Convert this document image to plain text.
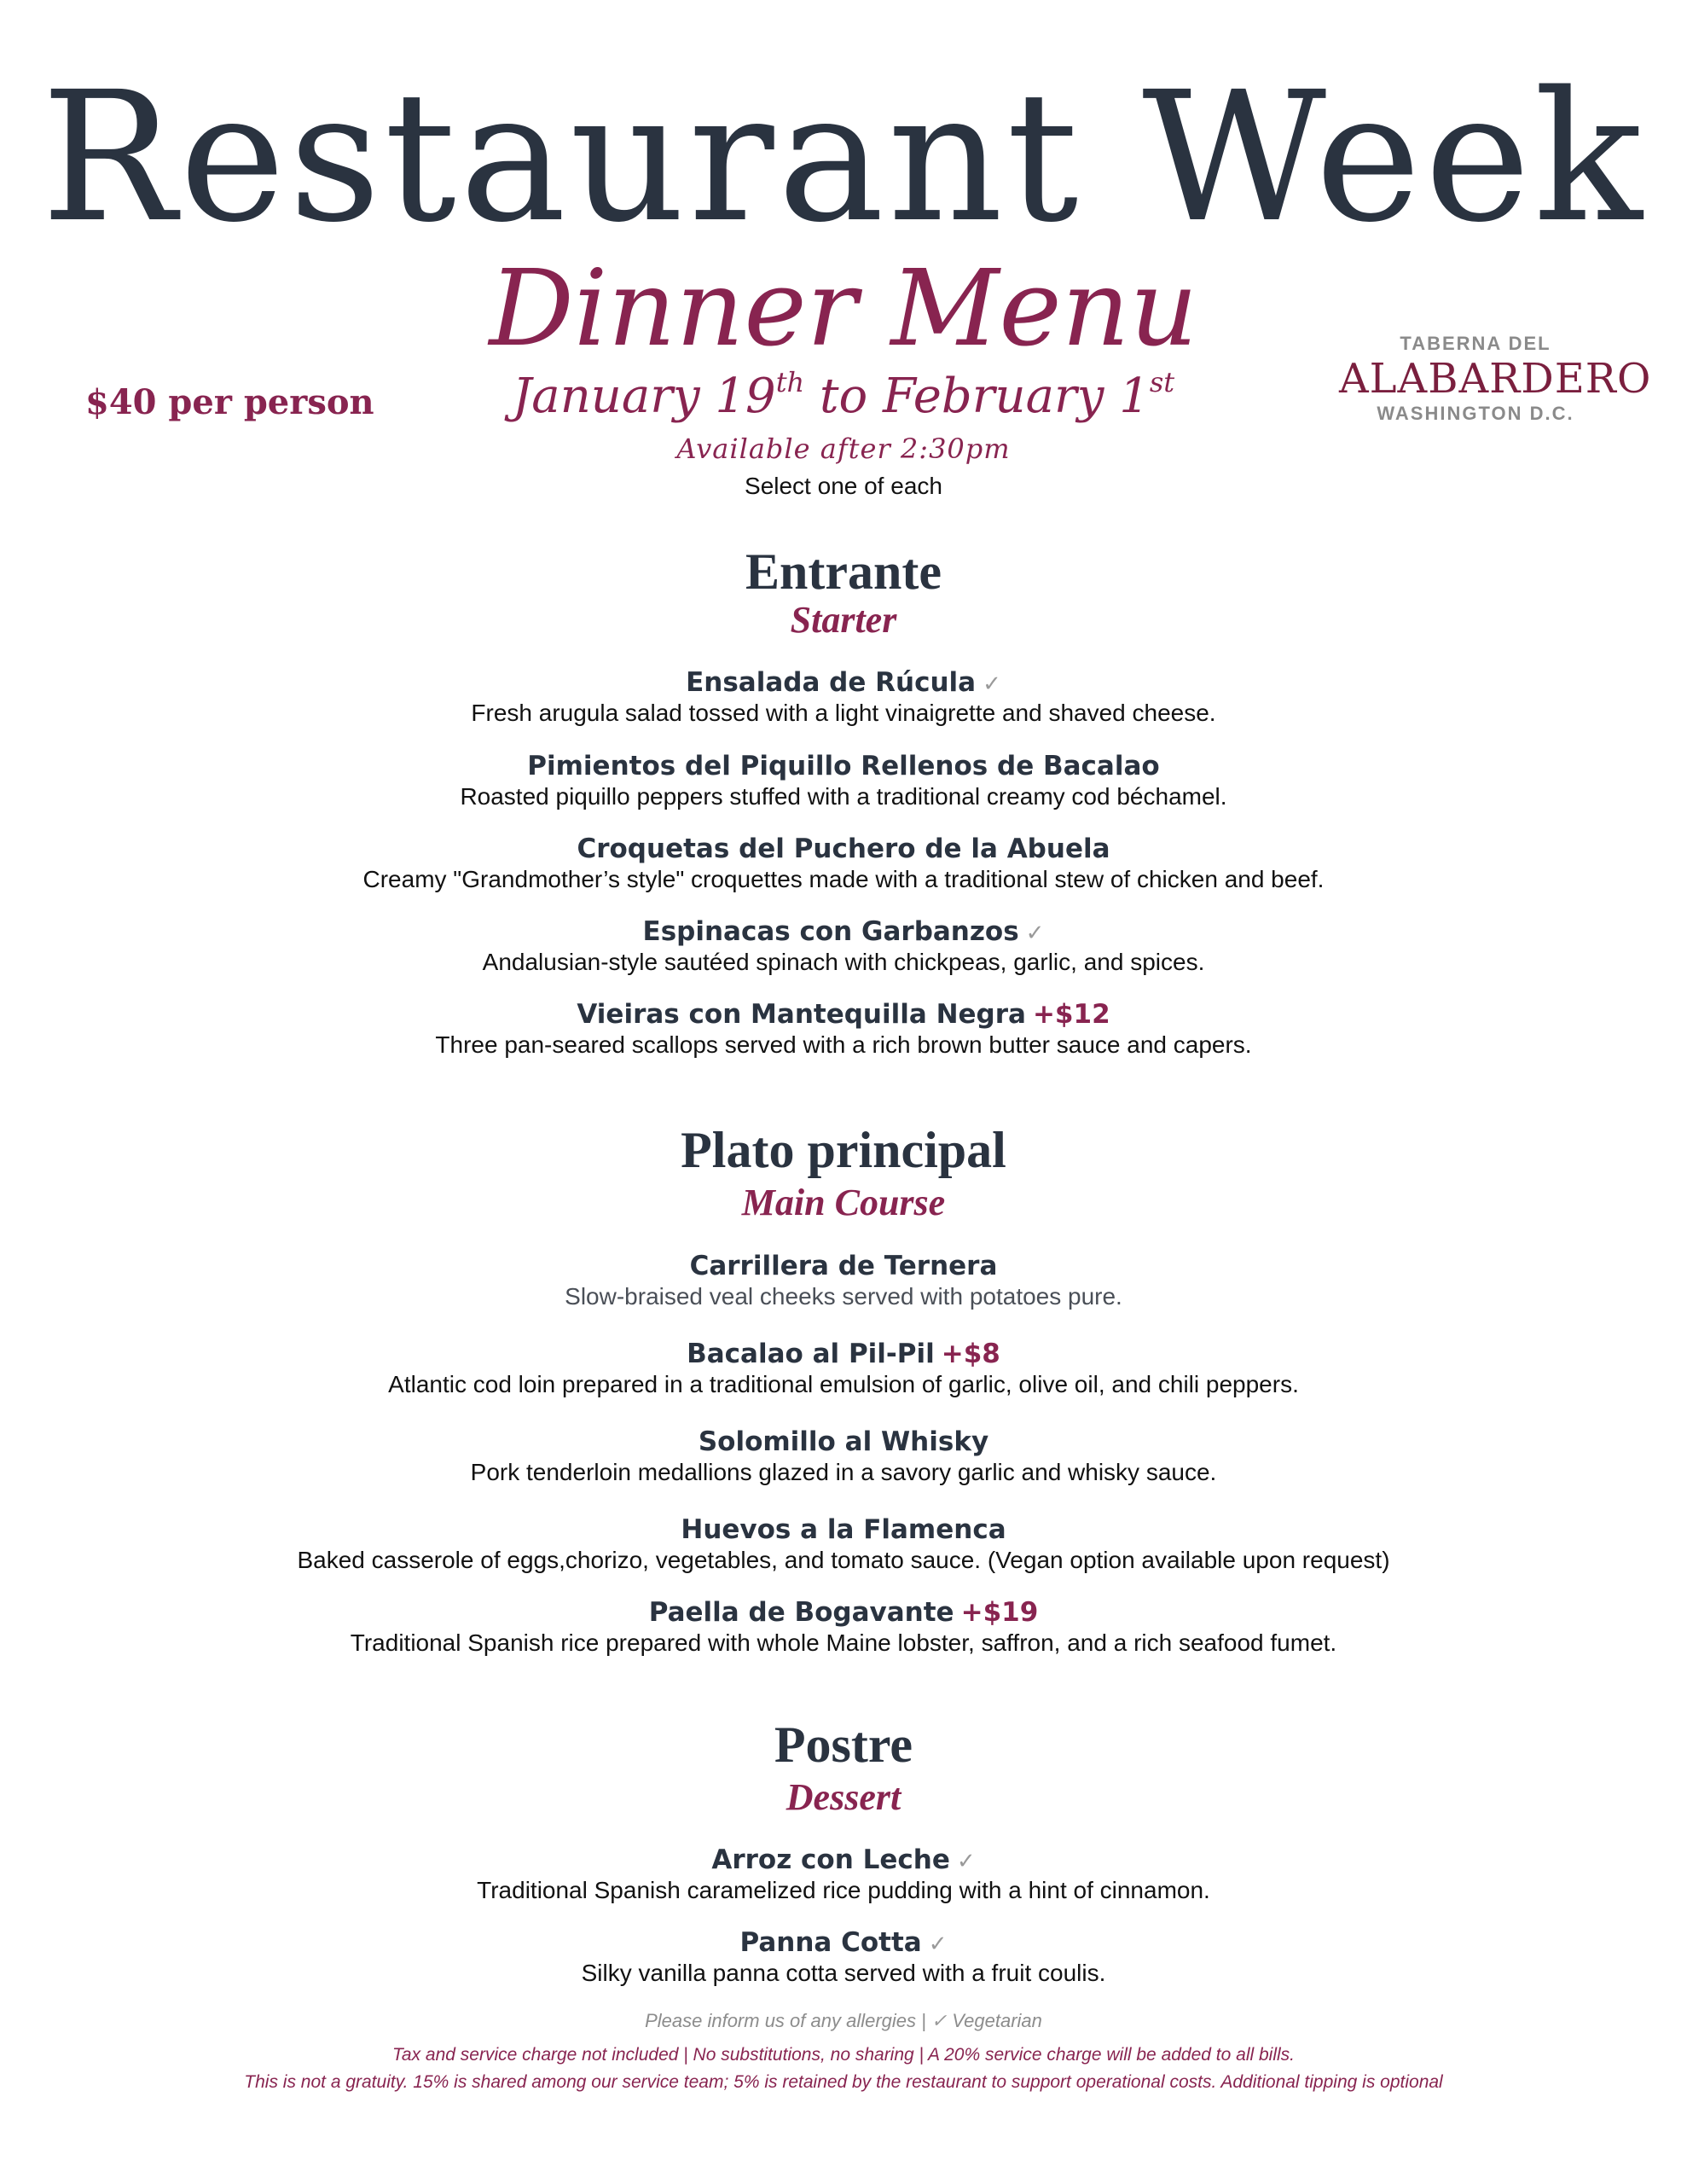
Restaurant Week
Dinner Menu
January 19th to February 1st
Available after 2:30pm
Select one of each
$40 per person
TABERNA DEL
ALABARDERO
WASHINGTON D.C.
Entrante
Starter
Ensalada de Rúcula ✓
Fresh arugula salad tossed with a light vinaigrette and shaved cheese.
Pimientos del Piquillo Rellenos de Bacalao
Roasted piquillo peppers stuffed with a traditional creamy cod béchamel.
Croquetas del Puchero de la Abuela
Creamy "Grandmother’s style" croquettes made with a traditional stew of chicken and beef.
Espinacas con Garbanzos ✓
Andalusian-style sautéed spinach with chickpeas, garlic, and spices.
Vieiras con Mantequilla Negra +$12
Three pan-seared scallops served with a rich brown butter sauce and capers.
Plato principal
Main Course
Carrillera de Ternera
Slow-braised veal cheeks served with potatoes pure.
Bacalao al Pil-Pil +$8
Atlantic cod loin prepared in a traditional emulsion of garlic, olive oil, and chili peppers.
Solomillo al Whisky
Pork tenderloin medallions glazed in a savory garlic and whisky sauce.
Huevos a la Flamenca
Baked casserole of eggs,chorizo, vegetables, and tomato sauce. (Vegan option available upon request)
Paella de Bogavante +$19
Traditional Spanish rice prepared with whole Maine lobster, saffron, and a rich seafood fumet.
Postre
Dessert
Arroz con Leche ✓
Traditional Spanish caramelized rice pudding with a hint of cinnamon.
Panna Cotta ✓
Silky vanilla panna cotta served with a fruit coulis.
Please inform us of any allergies | ✓ Vegetarian
Tax and service charge not included | No substitutions, no sharing | A 20% service charge will be added to all bills.
This is not a gratuity. 15% is shared among our service team; 5% is retained by the restaurant to support operational costs. Additional tipping is optional
